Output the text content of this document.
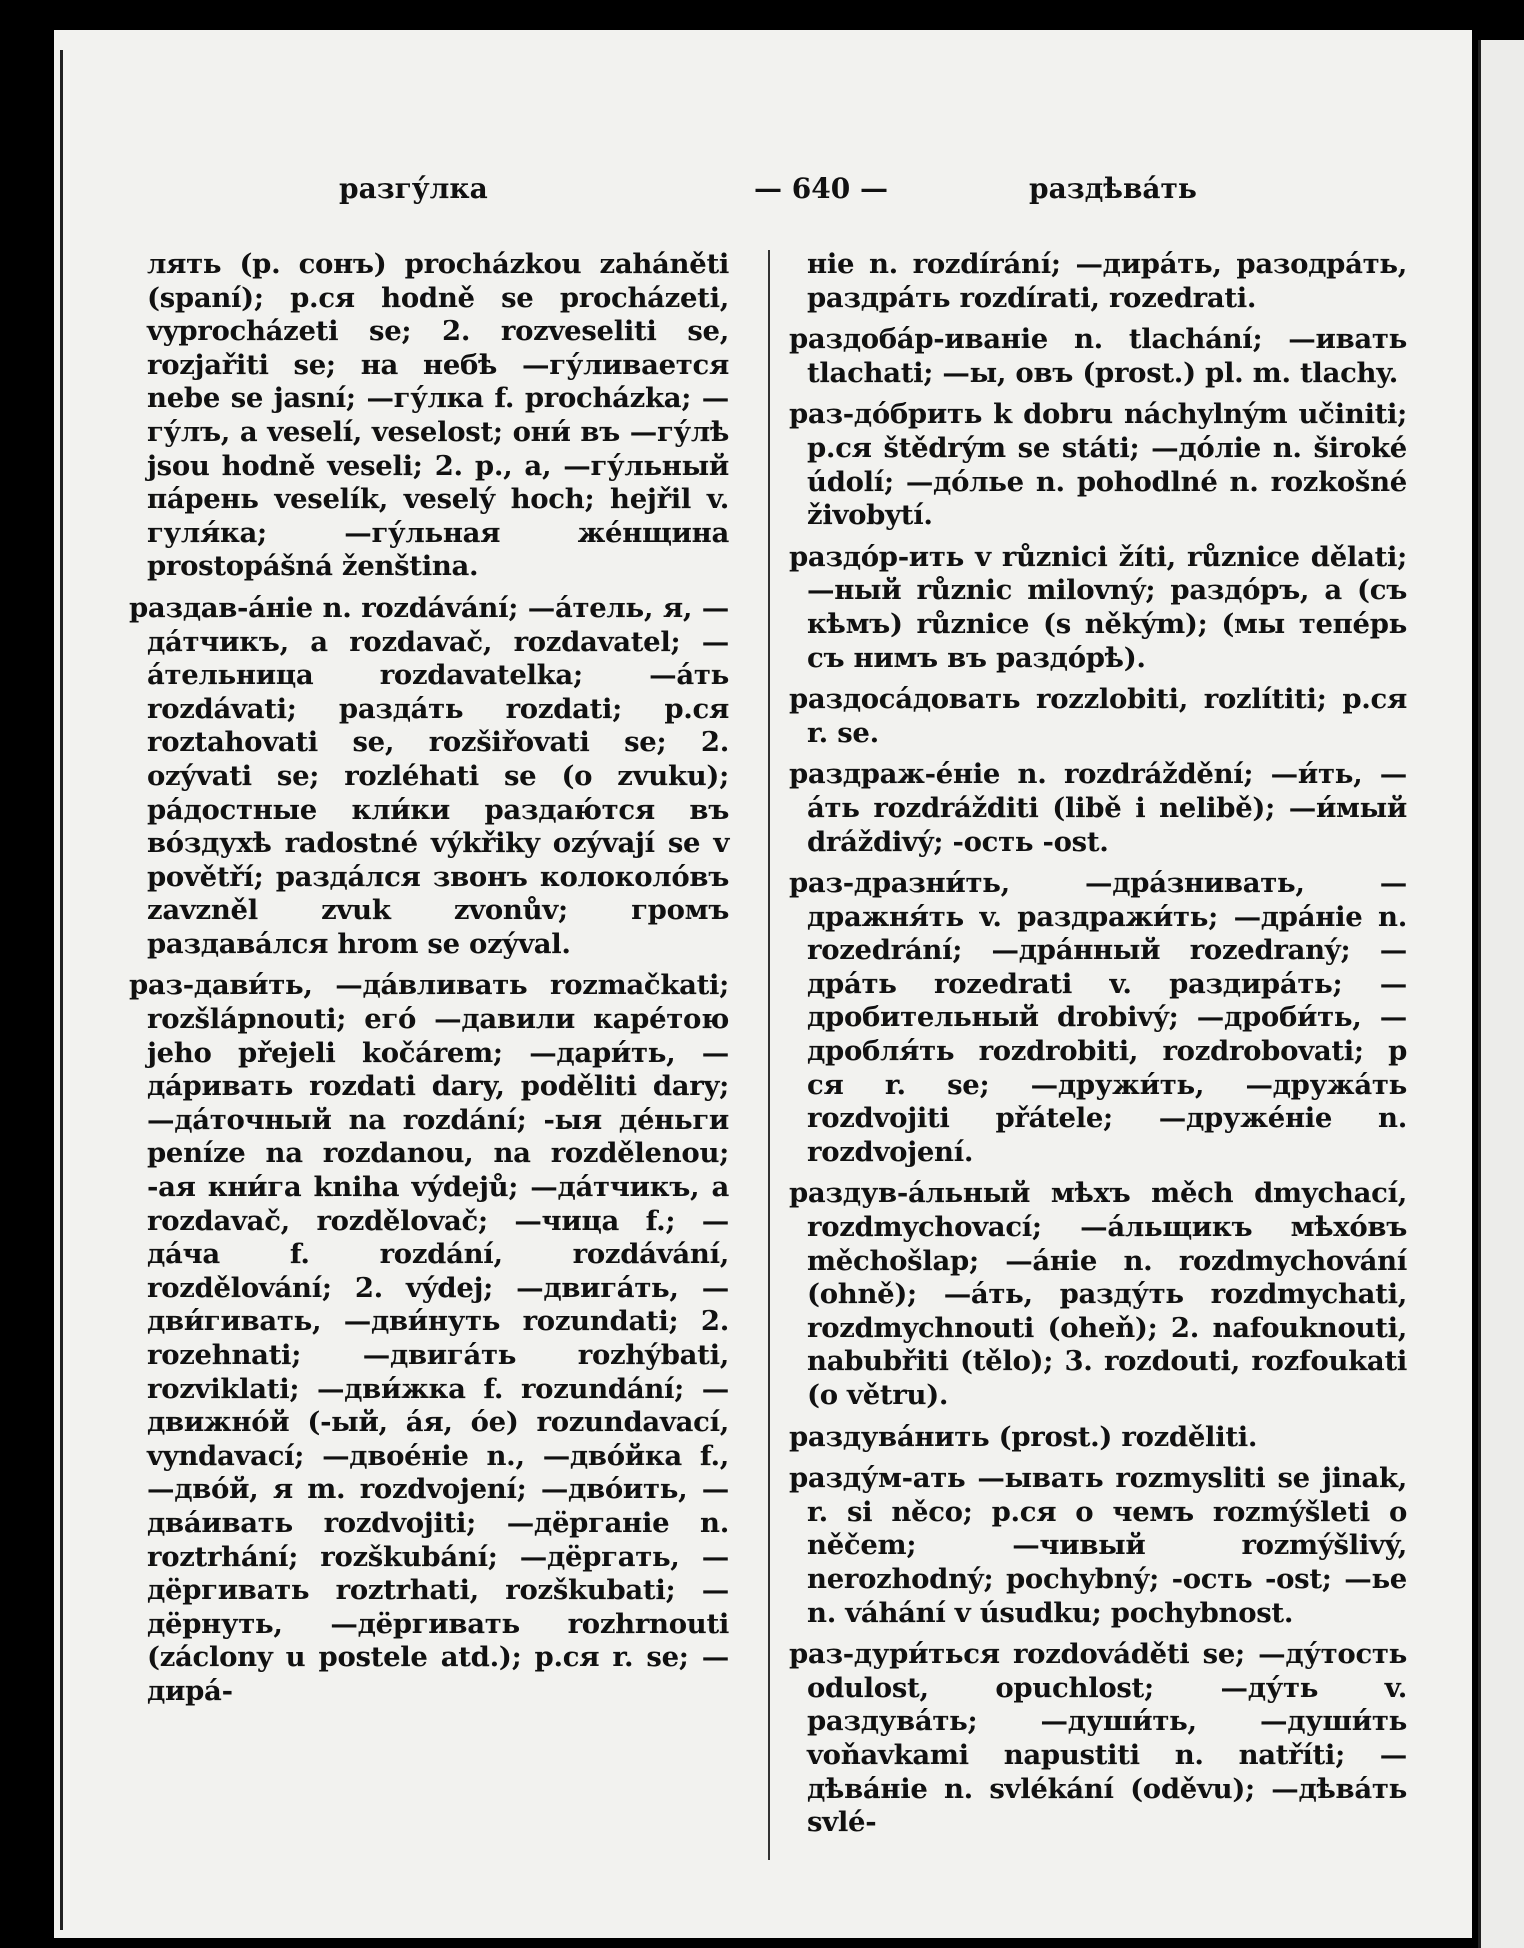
разгу́лка	— 640 —	раздѣва́ть

лять (р. сонъ) procházkou zaháněti (spaní); р.ся hodně se procházeti, vyprocházeti se; 2. rozveseliti se, rozjařiti se; на небѣ —гу́ливается nebe se jasní; —гу́лка f. procházka; —гу́лъ, а veselí, veselost; они́ въ —гу́лѣ jsou hodně veseli; 2. р., а, —гу́льный па́рень veselík, veselý hoch; hejřil v. гуля́ка; —гу́льная же́нщина prostopášná ženština.

раздав-а́ніе n. rozdávání; —а́тель, я, —да́тчикъ, а rozdavač, rozdavatel; —а́тельница rozdavatelka; —а́ть rozdávati; разда́ть rozdati; р.ся roztahovati se, rozšiřovati se; 2. ozývati se; rozléhati se (o zvuku); ра́достные кли́ки раздаю́тся въ во́здухѣ radostné výkřiky ozývají se v povětří; разда́лся звонъ колоколо́въ zavzněl zvuk zvonův; громъ раздава́лся hrom se ozýval.

раз-дави́ть, —да́вливать rozmačkati; rozšlápnouti; его́ —давили каре́тою jeho přejeli kočárem; —дари́ть, —да́ривать rozdati dary, poděliti dary; —да́точный na rozdání; -ыя де́ньги peníze na rozdanou, na rozdělenou; -ая кни́га kniha výdejů; —да́тчикъ, а rozdavač, rozdělovač; —чица f.; —да́ча f. rozdání, rozdávání, rozdělování; 2. výdej; —двига́ть, —дви́гивать, —дви́нуть rozundati; 2. rozehnati; —двига́ть rozhýbati, rozviklati; —дви́жка f. rozundání; —движно́й (-ый, а́я, о́е) rozundavací, vyndavací; —двое́ніе n., —дво́йка f., —дво́й, я m. rozdvojení; —дво́ить, —два́ивать rozdvojiti; —дёрганіе n. roztrhání; rozškubání; —дёргать, —дёргивать roztrhati, rozškubati; —дёрнуть, —дёргивать rozhrnouti (záclony u postele atd.); р.ся r. se; —дира́-

ніе n. rozdírání; —дира́ть, разодра́ть, раздра́ть rozdírati, rozedrati.

раздоба́р-иваніе n. tlachání; —ивать tlachati; —ы, овъ (prost.) pl. m. tlachy.

раз-до́брить k dobru náchylným učiniti; р.ся štědrým se státi; —до́ліе n. široké údolí; —до́лье n. pohodlné n. rozkošné živobytí.

раздо́р-ить v různici žíti, různice dělati; —ный různic milovný; раздо́ръ, а (съ кѣмъ) různice (s někým); (мы тепе́рь съ нимъ въ раздо́рѣ).

раздоса́довать rozzlobiti, rozlítiti; р.ся r. se.

раздраж-е́ніе n. rozdráždění; —и́ть, —а́ть rozdrážditi (libě i nelibě); —и́мый dráždivý; -ость -ost.

раз-дразни́ть, —дра́знивать, —дражня́ть v. раздражи́ть; —дра́ніе n. rozedrání; —дра́нный rozedraný; —дра́ть rozedrati v. раздира́ть; —дробительный drobivý; —дроби́ть, —дробля́ть rozdrobiti, rozdrobovati; р ся r. se; —дружи́ть, —дружа́ть rozdvojiti přátele; —друже́ніе n. rozdvojení.

раздув-а́льный мѣхъ měch dmychací, rozdmychovací; —а́льщикъ мѣхо́въ měchošlap; —а́ніе n. rozdmychování (ohně); —а́ть, разду́ть rozdmychati, rozdmychnouti (oheň); 2. nafouknouti, nabubřiti (tělo); 3. rozdouti, rozfoukati (o větru).

раздува́нить (prost.) rozděliti.

разду́м-ать —ывать rozmysliti se jinak, r. si něco; р.ся о чемъ rozmýšleti o něčem; —чивый rozmýšlivý, nerozhodný; pochybný; -ость -ost; —ье n. váhání v úsudku; pochybnost.

раз-дури́ться rozdováděti se; —ду́тость odulost, opuchlost; —ду́ть v. раздува́ть; —души́ть, —души́ть voňavkami napustiti n. natříti; —дѣва́ніе n. svlékání (oděvu); —дѣва́ть svlé-
